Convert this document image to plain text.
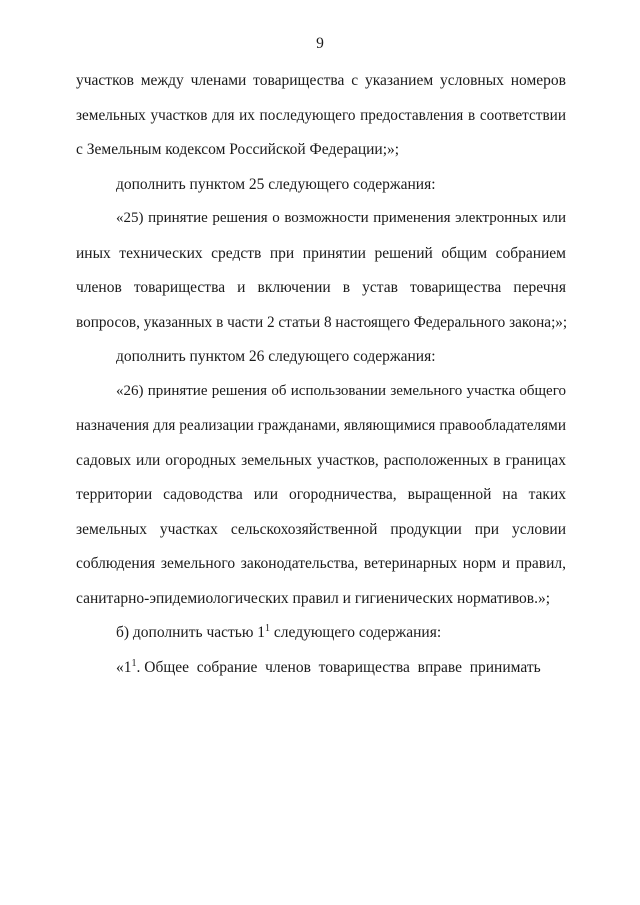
9
участков между членами товарищества с указанием условных номеров
земельных участков для их последующего предоставления в соответствии
с Земельным кодексом Российской Федерации;»;
дополнить пунктом 25 следующего содержания:
«25) принятие решения о возможности применения электронных или
иных технических средств при принятии решений общим собранием
членов товарищества и включении в устав товарищества перечня
вопросов, указанных в части 2 статьи 8 настоящего Федерального закона;»;
дополнить пунктом 26 следующего содержания:
«26) принятие решения об использовании земельного участка общего
назначения для реализации гражданами, являющимися правообладателями
садовых или огородных земельных участков, расположенных в границах
территории садоводства или огородничества, выращенной на таких
земельных участках сельскохозяйственной продукции при условии
соблюдения земельного законодательства, ветеринарных норм и правил,
санитарно-эпидемиологических правил и гигиенических нормативов.»;
б) дополнить частью $1^1$ следующего содержания:
«$1^1$. Общее  собрание  членов  товарищества  вправе  принимать
